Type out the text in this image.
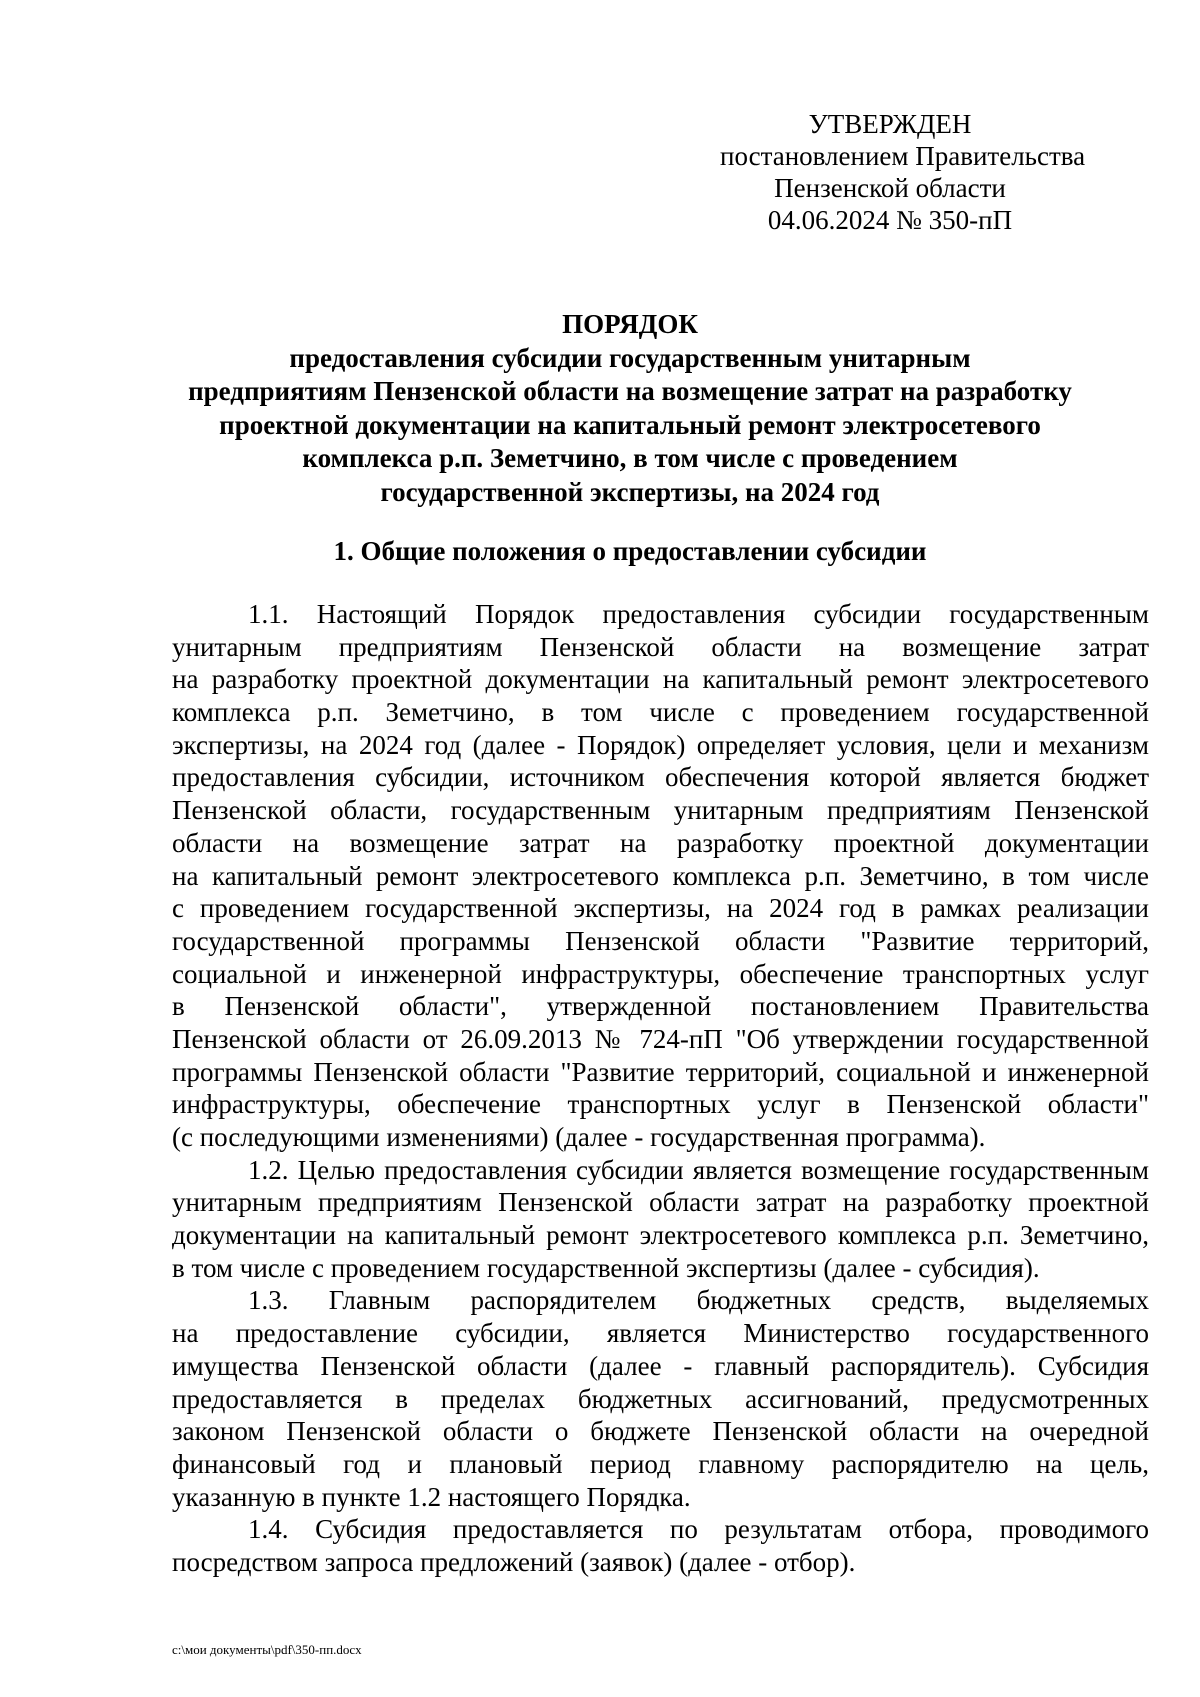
УТВЕРЖДЕН
постановлением Правительства
Пензенской области
04.06.2024 № 350-пП
ПОРЯДОК
предоставления субсидии государственным унитарным
предприятиям Пензенской области на возмещение затрат на разработку
проектной документации на капитальный ремонт электросетевого
комплекса р.п. Земетчино, в том числе с проведением
государственной экспертизы, на 2024 год
1. Общие положения о предоставлении субсидии
1.1. Настоящий Порядок предоставления субсидии государственным
унитарным предприятиям Пензенской области на возмещение затрат
на разработку проектной документации на капитальный ремонт электросетевого
комплекса р.п. Земетчино, в том числе с проведением государственной
экспертизы, на 2024 год (далее - Порядок) определяет условия, цели и механизм
предоставления субсидии, источником обеспечения которой является бюджет
Пензенской области, государственным унитарным предприятиям Пензенской
области на возмещение затрат на разработку проектной документации
на капитальный ремонт электросетевого комплекса р.п. Земетчино, в том числе
с проведением государственной экспертизы, на 2024 год в рамках реализации
государственной программы Пензенской области "Развитие территорий,
социальной и инженерной инфраструктуры, обеспечение транспортных услуг
в Пензенской области", утвержденной постановлением Правительства
Пензенской области от 26.09.2013 № 724-пП "Об утверждении государственной
программы Пензенской области "Развитие территорий, социальной и инженерной
инфраструктуры, обеспечение транспортных услуг в Пензенской области"
(с последующими изменениями) (далее - государственная программа).
1.2. Целью предоставления субсидии является возмещение государственным
унитарным предприятиям Пензенской области затрат на разработку проектной
документации на капитальный ремонт электросетевого комплекса р.п. Земетчино,
в том числе с проведением государственной экспертизы (далее - субсидия).
1.3. Главным распорядителем бюджетных средств, выделяемых
на предоставление субсидии, является Министерство государственного
имущества Пензенской области (далее - главный распорядитель). Субсидия
предоставляется в пределах бюджетных ассигнований, предусмотренных
законом Пензенской области о бюджете Пензенской области на очередной
финансовый год и плановый период главному распорядителю на цель,
указанную в пункте 1.2 настоящего Порядка.
1.4. Субсидия предоставляется по результатам отбора, проводимого
посредством запроса предложений (заявок) (далее - отбор).
c:\мои документы\pdf\350-пп.docx
